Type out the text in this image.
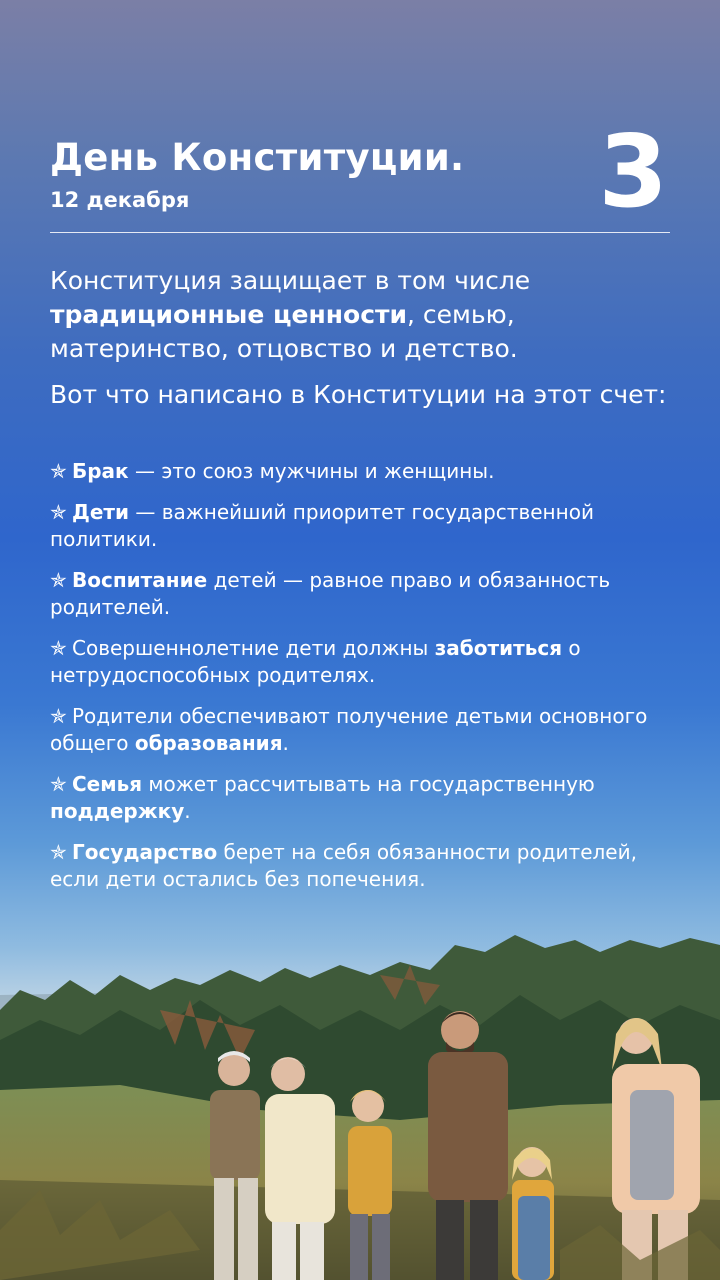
День Конституции.
12 декабря	3

Конституция защищает в том числе
традиционные ценности, семью, материнство, отцовство и детство.

Вот что написано в Конституции на этот счет:

✯ Брак — это союз мужчины и женщины.
✯ Дети — важнейший приоритет государственной политики.
✯ Воспитание детей — равное право и обязанность родителей.
✯ Совершеннолетние дети должны заботиться о нетрудоспособных родителях.
✯ Родители обеспечивают получение детьми основного общего образования.
✯ Семья может рассчитывать на государственную поддержку.
✯ Государство берет на себя обязанности родителей, если дети остались без попечения.
